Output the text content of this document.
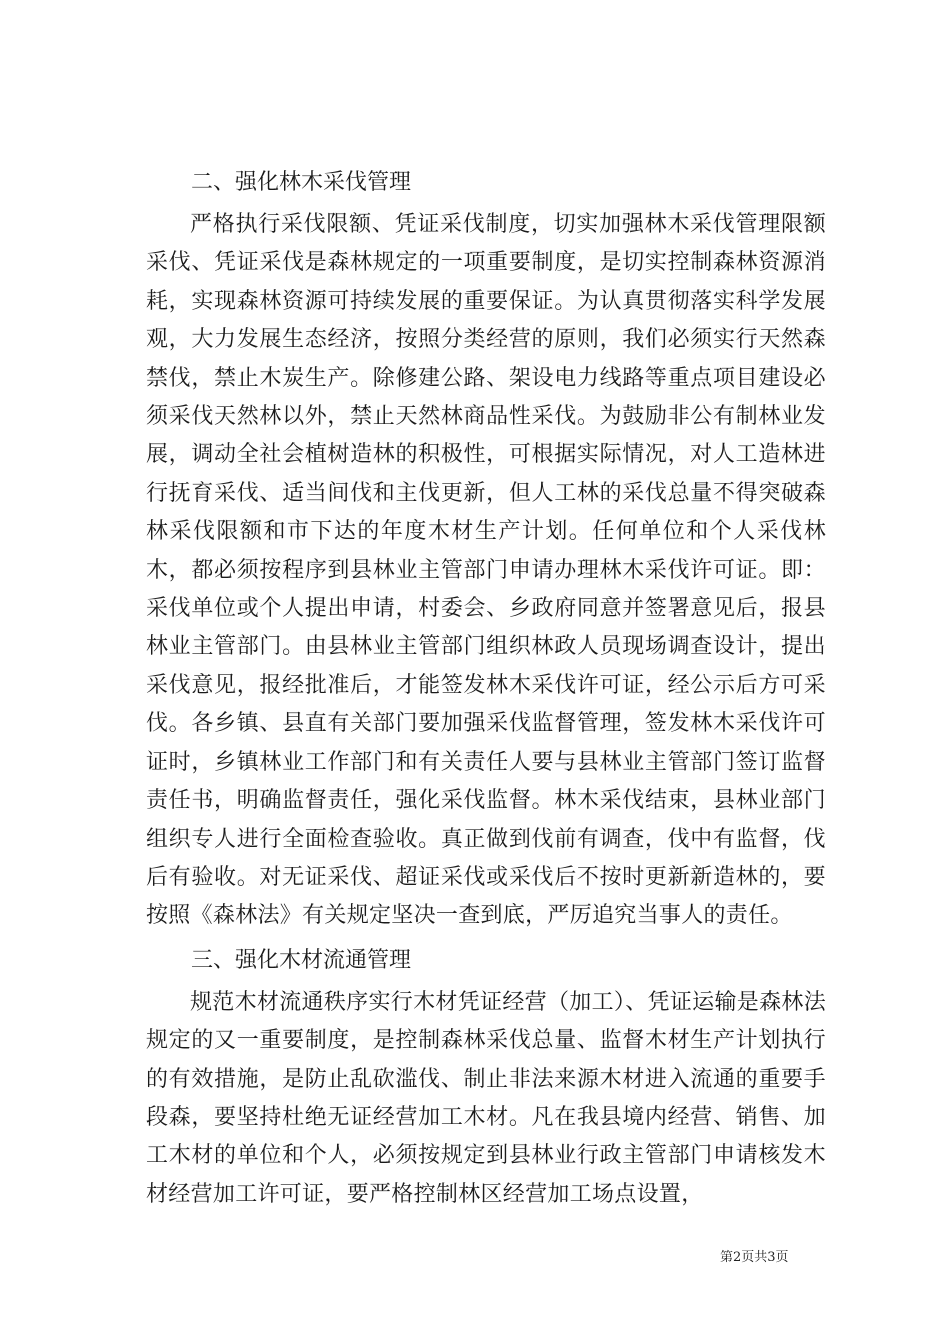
二、强化林木采伐管理

严格执行采伐限额、凭证采伐制度，切实加强林木采伐管理限额采伐、凭证采伐是森林规定的一项重要制度，是切实控制森林资源消耗，实现森林资源可持续发展的重要保证。为认真贯彻落实科学发展观，大力发展生态经济，按照分类经营的原则，我们必须实行天然森禁伐，禁止木炭生产。除修建公路、架设电力线路等重点项目建设必须采伐天然林以外，禁止天然林商品性采伐。为鼓励非公有制林业发展，调动全社会植树造林的积极性，可根据实际情况，对人工造林进行抚育采伐、适当间伐和主伐更新，但人工林的采伐总量不得突破森林采伐限额和市下达的年度木材生产计划。任何单位和个人采伐林木，都必须按程序到县林业主管部门申请办理林木采伐许可证。即：采伐单位或个人提出申请，村委会、乡政府同意并签署意见后，报县林业主管部门。由县林业主管部门组织林政人员现场调查设计，提出采伐意见，报经批准后，才能签发林木采伐许可证，经公示后方可采伐。各乡镇、县直有关部门要加强采伐监督管理，签发林木采伐许可证时，乡镇林业工作部门和有关责任人要与县林业主管部门签订监督责任书，明确监督责任，强化采伐监督。林木采伐结束，县林业部门组织专人进行全面检查验收。真正做到伐前有调查，伐中有监督，伐后有验收。对无证采伐、超证采伐或采伐后不按时更新新造林的，要按照《森林法》有关规定坚决一查到底，严厉追究当事人的责任。

三、强化木材流通管理

规范木材流通秩序实行木材凭证经营（加工）、凭证运输是森林法规定的又一重要制度，是控制森林采伐总量、监督木材生产计划执行的有效措施，是防止乱砍滥伐、制止非法来源木材进入流通的重要手段森，要坚持杜绝无证经营加工木材。凡在我县境内经营、销售、加工木材的单位和个人，必须按规定到县林业行政主管部门申请核发木材经营加工许可证，要严格控制林区经营加工场点设置，

第2页共3页
